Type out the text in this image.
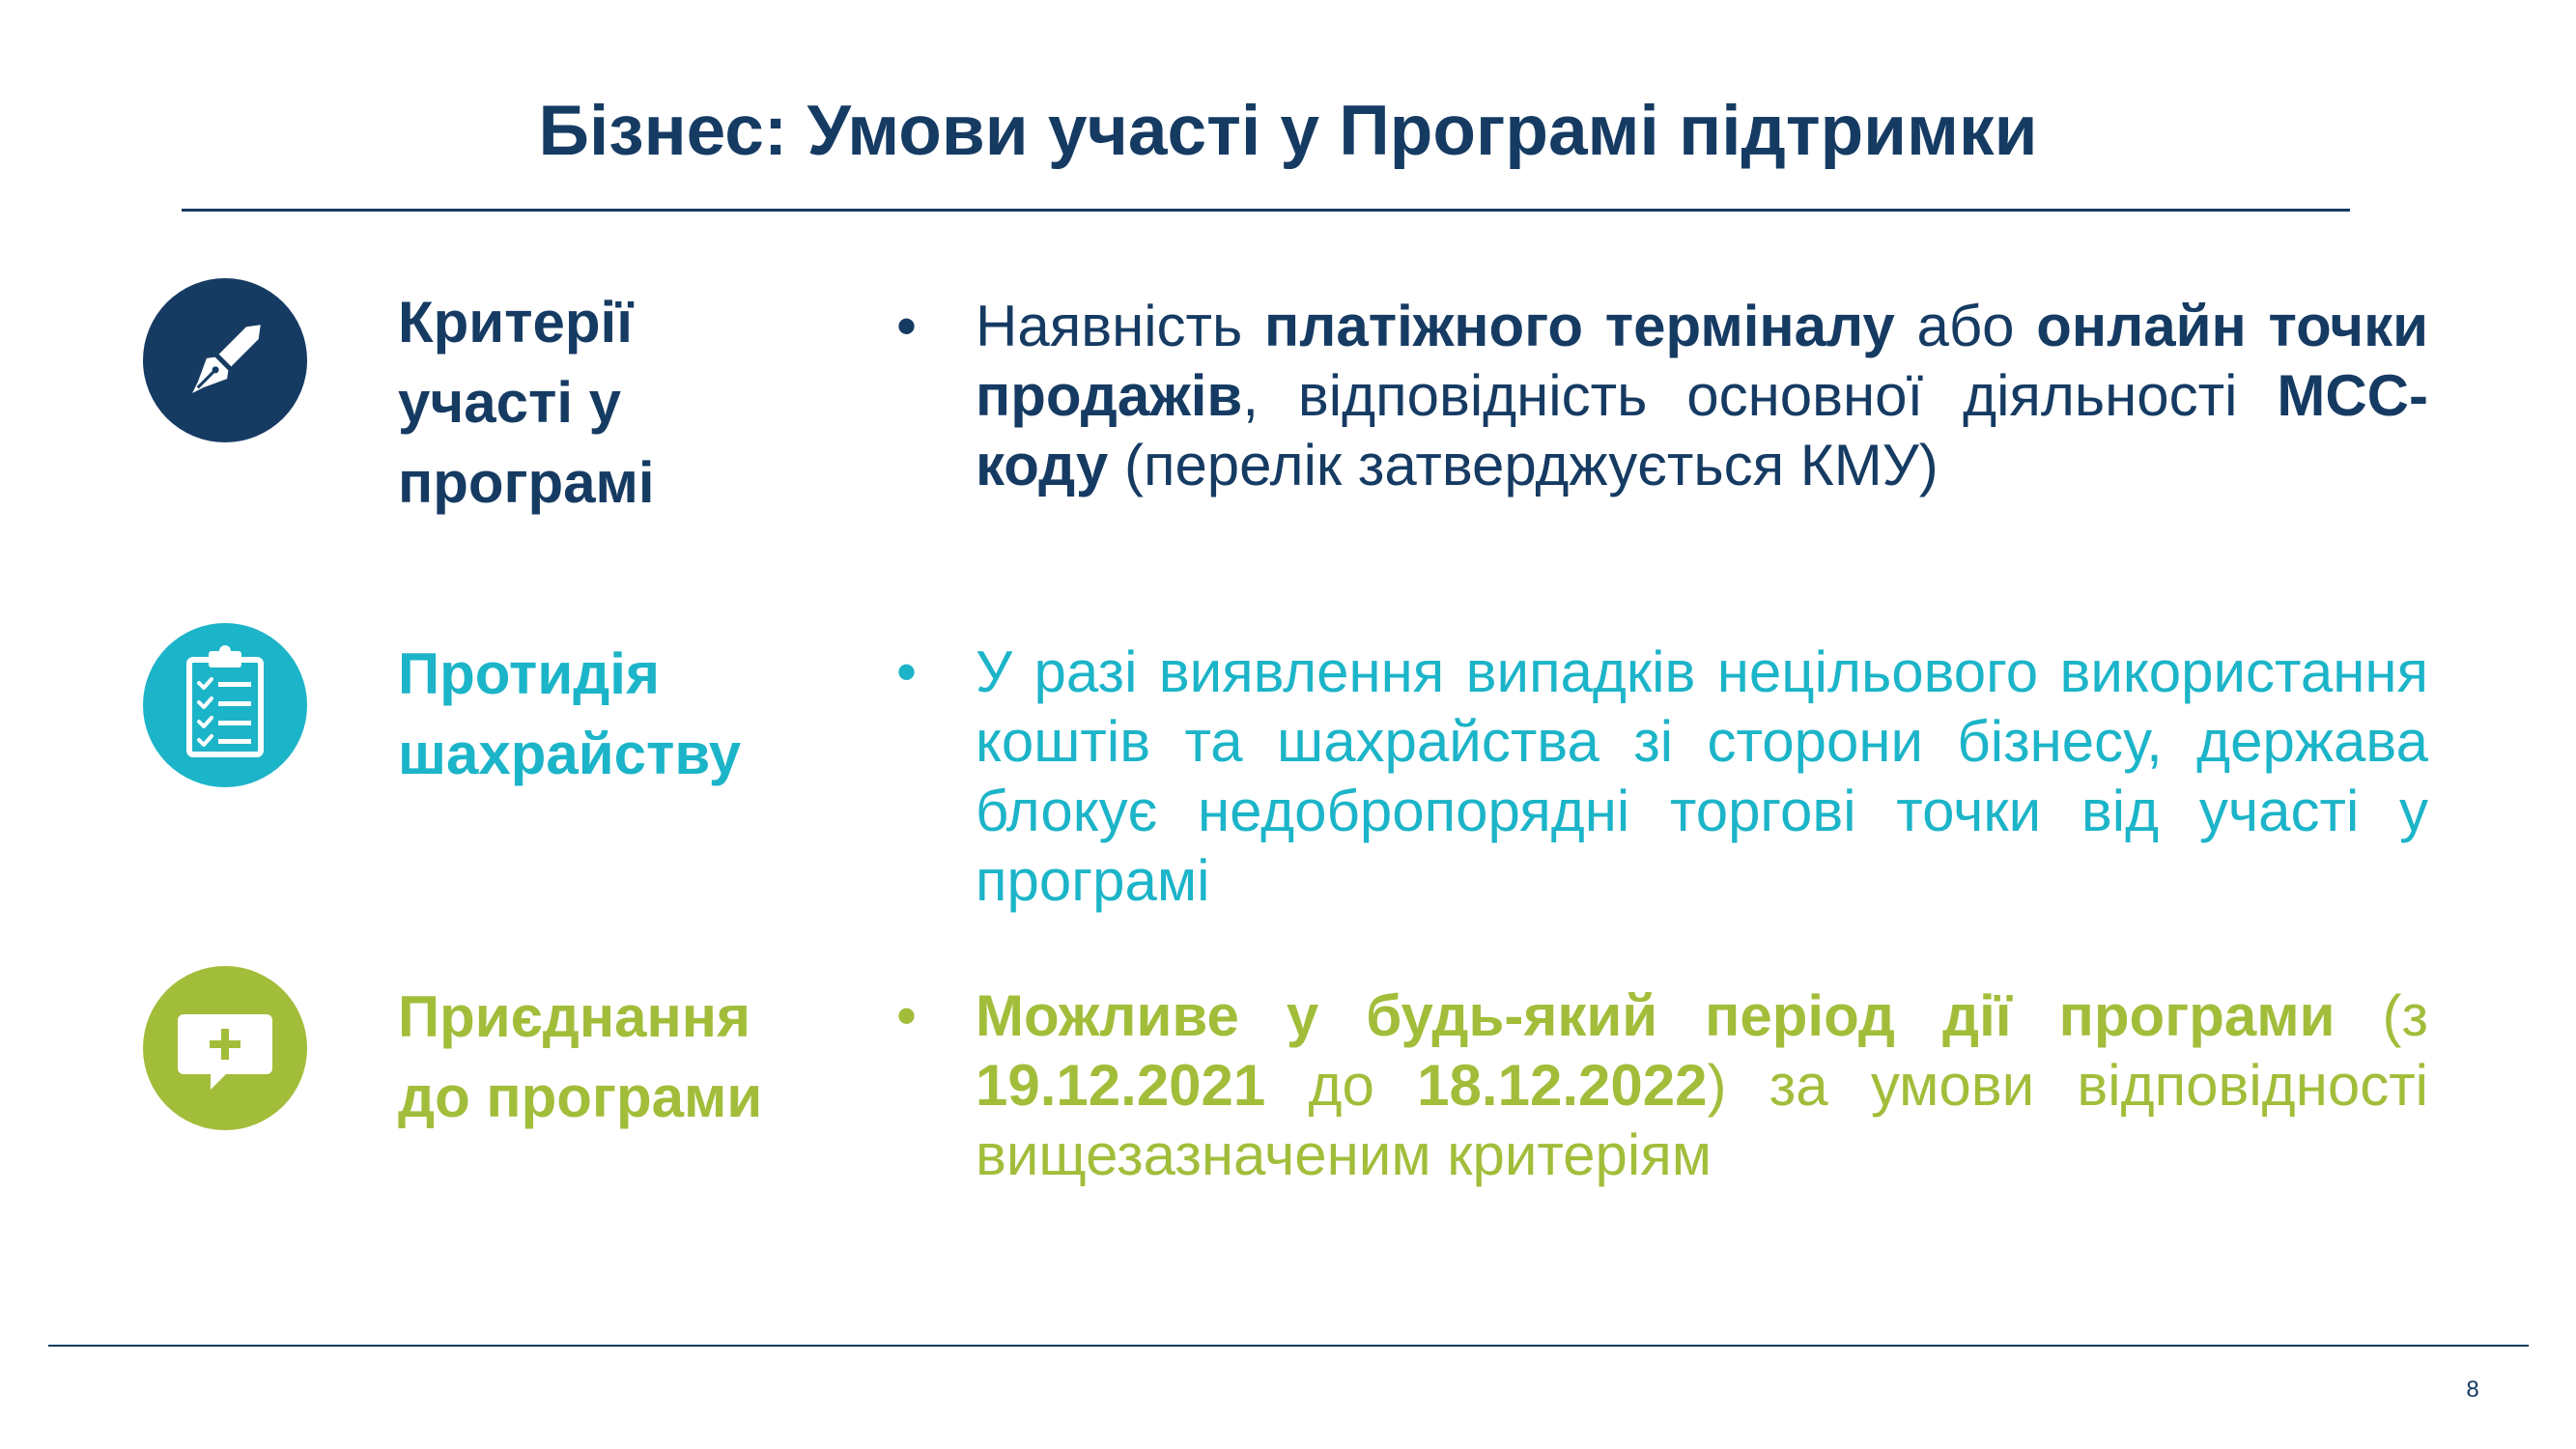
Бізнес: Умови участі у Програмі підтримки
Критерії
участі у
програмі
• Наявність платіжного терміналу або онлайн точки продажів, відповідність основної діяльності MCC-коду (перелік затверджується КМУ)
Протидія
шахрайству
• У разі виявлення випадків нецільового використання коштів та шахрайства зі сторони бізнесу, держава блокує недобропорядні торгові точки від участі у програмі
Приєднання
до програми
• Можливе у будь-який період дії програми (з 19.12.2021 до 18.12.2022) за умови відповідності вищезазначеним критеріям
8
